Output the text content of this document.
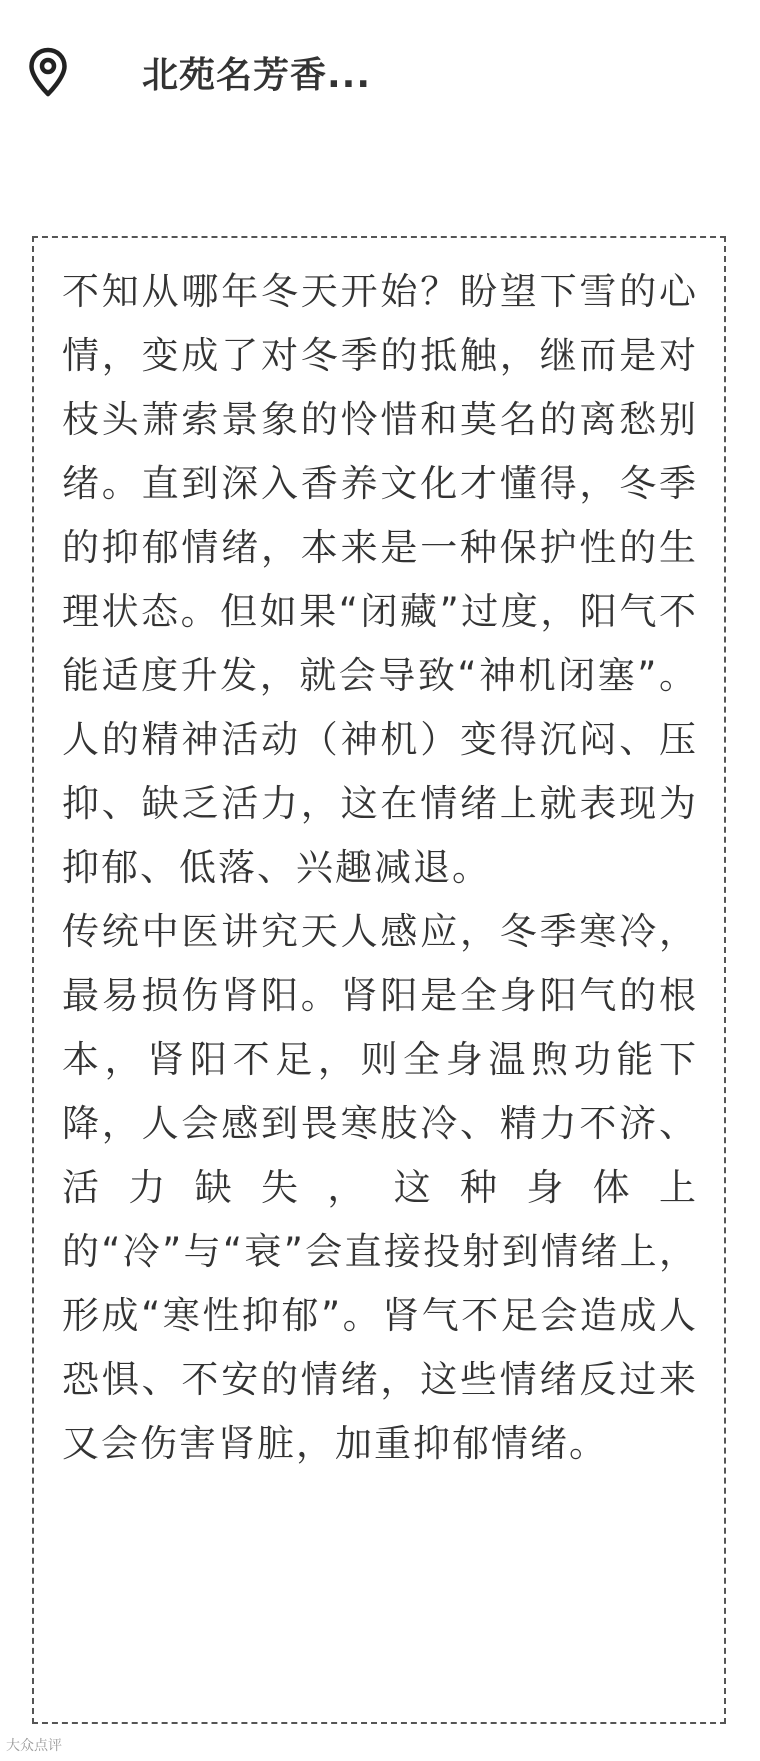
北苑名芳香...

不知从哪年冬天开始？盼望下雪的心情，变成了对冬季的抵触，继而是对枝头萧索景象的怜惜和莫名的离愁别绪。直到深入香养文化才懂得，冬季的抑郁情绪，本来是一种保护性的生理状态。但如果“闭藏”过度，阳气不能适度升发，就会导致“神机闭塞”。人的精神活动（神机）变得沉闷、压抑、缺乏活力，这在情绪上就表现为抑郁、低落、兴趣减退。

传统中医讲究天人感应，冬季寒冷，最易损伤肾阳。肾阳是全身阳气的根本，肾阳不足，则全身温煦功能下降，人会感到畏寒肢冷、精力不济、活力缺失，这种身体上的“冷”与“衰”会直接投射到情绪上，形成“寒性抑郁”。肾气不足会造成人恐惧、不安的情绪，这些情绪反过来又会伤害肾脏，加重抑郁情绪。

大众点评
